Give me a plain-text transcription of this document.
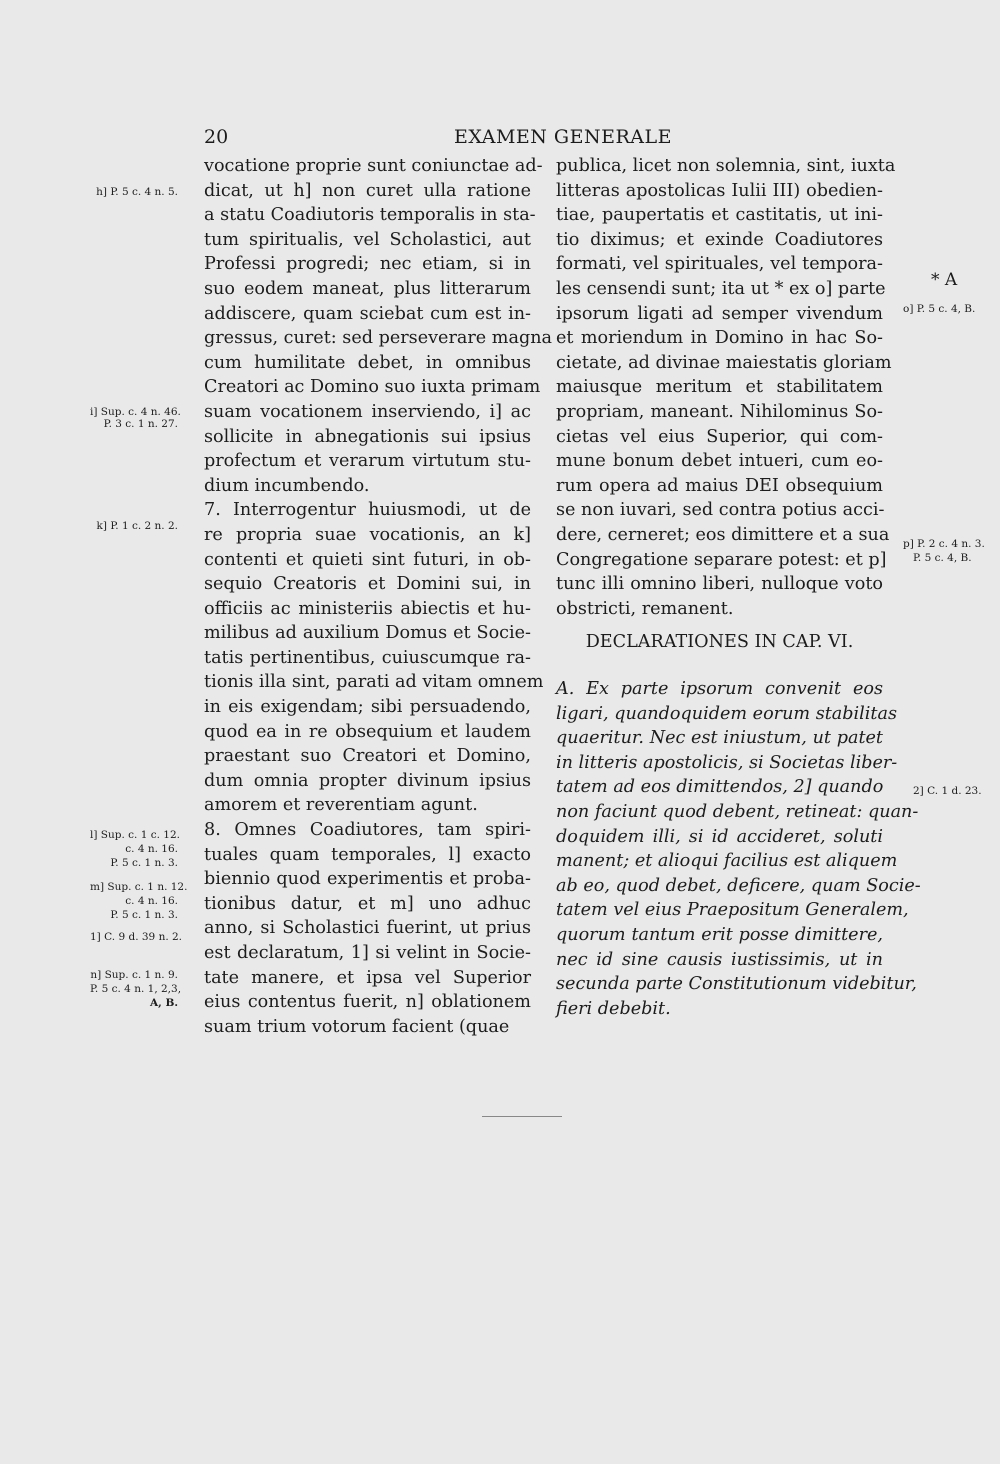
20	EXAMEN GENERALE
h] P. 5 c. 4 n. 5.
i] Sup. c. 4 n. 46.
P. 3 c. 1 n. 27.
k] P. 1 c. 2 n. 2.
l] Sup. c. 1 c. 12.
c. 4 n. 16.
P. 5 c. 1 n. 3.
m] Sup. c. 1 n. 12.
c. 4 n. 16.
P. 5 c. 1 n. 3.
1] C. 9 d. 39 n. 2.
n] Sup. c. 1 n. 9.
P. 5 c. 4 n. 1, 2,3,
A, B.
* A
o] P. 5 c. 4, B.
p] P. 2 c. 4 n. 3.
P. 5 c. 4, B.
2] C. 1 d. 23.
vocatione proprie sunt coniunctae ad-
dicat, ut h] non curet ulla ratione
a statu Coadiutoris temporalis in sta-
tum spiritualis, vel Scholastici, aut
Professi progredi; nec etiam, si in
suo eodem maneat, plus litterarum
addiscere, quam sciebat cum est in-
gressus, curet: sed perseverare magna
cum humilitate debet, in omnibus
Creatori ac Domino suo iuxta primam
suam vocationem inserviendo, i] ac
sollicite in abnegationis sui ipsius
profectum et verarum virtutum stu-
dium incumbendo.
7. Interrogentur huiusmodi, ut de
re propria suae vocationis, an k]
contenti et quieti sint futuri, in ob-
sequio Creatoris et Domini sui, in
officiis ac ministeriis abiectis et hu-
milibus ad auxilium Domus et Socie-
tatis pertinentibus, cuiuscumque ra-
tionis illa sint, parati ad vitam omnem
in eis exigendam; sibi persuadendo,
quod ea in re obsequium et laudem
praestant suo Creatori et Domino,
dum omnia propter divinum ipsius
amorem et reverentiam agunt.
8. Omnes Coadiutores, tam spiri-
tuales quam temporales, l] exacto
biennio quod experimentis et proba-
tionibus datur, et m] uno adhuc
anno, si Scholastici fuerint, ut prius
est declaratum, 1] si velint in Socie-
tate manere, et ipsa vel Superior
eius contentus fuerit, n] oblationem
suam trium votorum facient (quae
publica, licet non solemnia, sint, iuxta
litteras apostolicas Iulii III) obedien-
tiae, paupertatis et castitatis, ut ini-
tio diximus; et exinde Coadiutores
formati, vel spirituales, vel tempora-
les censendi sunt; ita ut * ex o] parte
ipsorum ligati ad semper vivendum
et moriendum in Domino in hac So-
cietate, ad divinae maiestatis gloriam
maiusque meritum et stabilitatem
propriam, maneant. Nihilominus So-
cietas vel eius Superior, qui com-
mune bonum debet intueri, cum eo-
rum opera ad maius DEI obsequium
se non iuvari, sed contra potius acci-
dere, cerneret; eos dimittere et a sua
Congregatione separare potest: et p]
tunc illi omnino liberi, nulloque voto
obstricti, remanent.
DECLARATIONES IN CAP. VI.
A. Ex parte ipsorum convenit eos
ligari, quandoquidem eorum stabilitas
quaeritur. Nec est iniustum, ut patet
in litteris apostolicis, si Societas liber-
tatem ad eos dimittendos, 2] quando
non faciunt quod debent, retineat: quan-
doquidem illi, si id accideret, soluti
manent; et alioqui facilius est aliquem
ab eo, quod debet, deficere, quam Socie-
tatem vel eius Praepositum Generalem,
quorum tantum erit posse dimittere,
nec id sine causis iustissimis, ut in
secunda parte Constitutionum videbitur,
fieri debebit.
